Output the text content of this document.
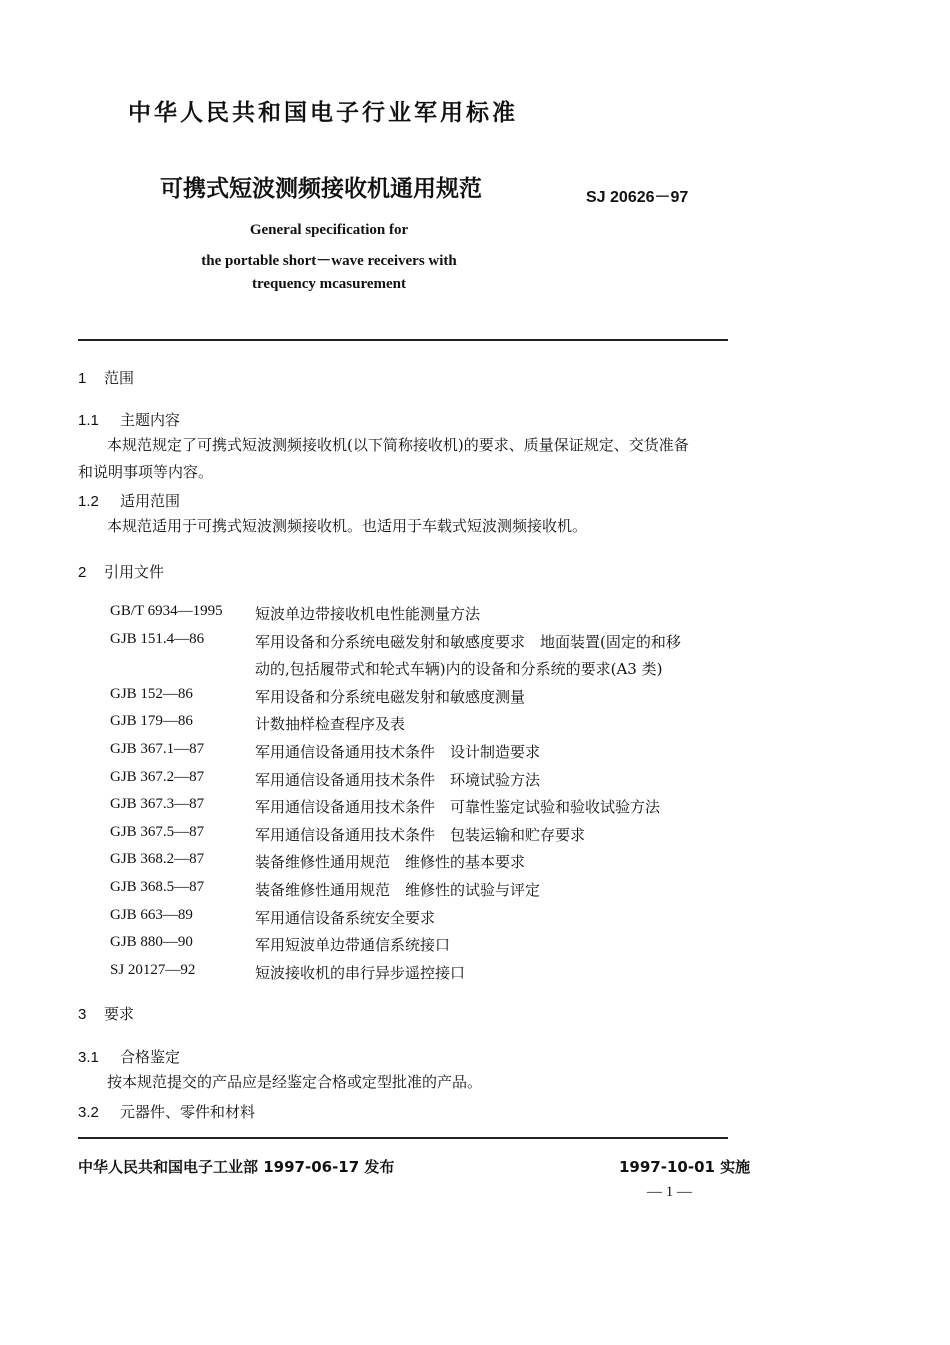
中华人民共和国电子行业军用标准
可携式短波测频接收机通用规范	SJ 20626－97
General specification for
the portable short－wave receivers with
trequency mcasurement
1 范围
1.1 主题内容
本规范规定了可携式短波测频接收机(以下简称接收机)的要求、质量保证规定、交货准备
和说明事项等内容。
1.2 适用范围
本规范适用于可携式短波测频接收机。也适用于车载式短波测频接收机。
2 引用文件
GB/T 6934—1995 短波单边带接收机电性能测量方法
GJB 151.4—86	军用设备和分系统电磁发射和敏感度要求　地面装置(固定的和移
动的,包括履带式和轮式车辆)内的设备和分系统的要求(A3 类)
GJB 152—86	军用设备和分系统电磁发射和敏感度测量
GJB 179—86	计数抽样检查程序及表
GJB 367.1—87	军用通信设备通用技术条件　设计制造要求
GJB 367.2—87	军用通信设备通用技术条件　环境试验方法
GJB 367.3—87	军用通信设备通用技术条件　可靠性鉴定试验和验收试验方法
GJB 367.5—87	军用通信设备通用技术条件　包装运输和贮存要求
GJB 368.2—87	装备维修性通用规范　维修性的基本要求
GJB 368.5—87	装备维修性通用规范　维修性的试验与评定
GJB 663—89	军用通信设备系统安全要求
GJB 880—90	军用短波单边带通信系统接口
SJ 20127—92	短波接收机的串行异步遥控接口
3 要求
3.1 合格鉴定
按本规范提交的产品应是经鉴定合格或定型批准的产品。
3.2 元器件、零件和材料
中华人民共和国电子工业部 1997-06-17 发布	1997-10-01 实施
— 1 —
